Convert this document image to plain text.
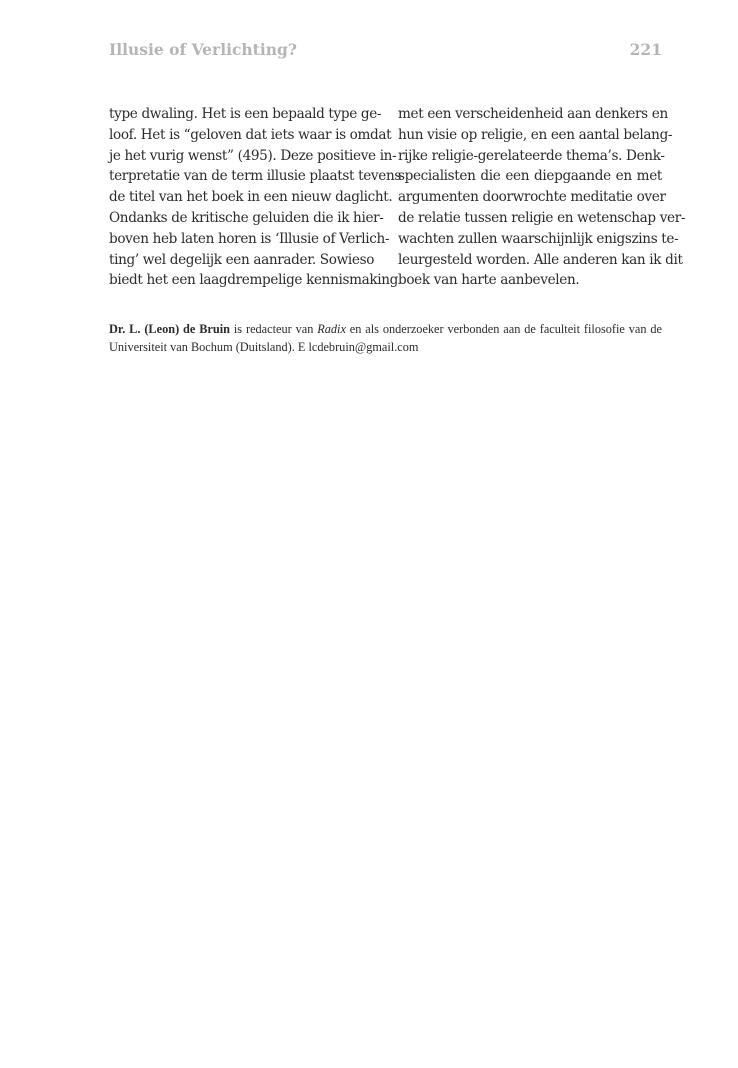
Illusie of Verlichting?	221
type dwaling. Het is een bepaald type ge-
loof. Het is “geloven dat iets waar is omdat
je het vurig wenst” (495). Deze positieve in-
terpretatie van de term illusie plaatst tevens
de titel van het boek in een nieuw daglicht.
Ondanks de kritische geluiden die ik hier-
boven heb laten horen is ‘Illusie of Verlich-
ting’ wel degelijk een aanrader. Sowieso
biedt het een laagdrempelige kennismaking
met een verscheidenheid aan denkers en
hun visie op religie, en een aantal belang-
rijke religie-gerelateerde thema’s. Denk-
specialisten die een diepgaande en met
argumenten doorwrochte meditatie over
de relatie tussen religie en wetenschap ver-
wachten zullen waarschijnlijk enigszins te-
leurgesteld worden. Alle anderen kan ik dit
boek van harte aanbevelen.
Dr. L. (Leon) de Bruin is redacteur van Radix en als onderzoeker verbonden aan de faculteit filosofie van de
Universiteit van Bochum (Duitsland). E lcdebruin@gmail.com
